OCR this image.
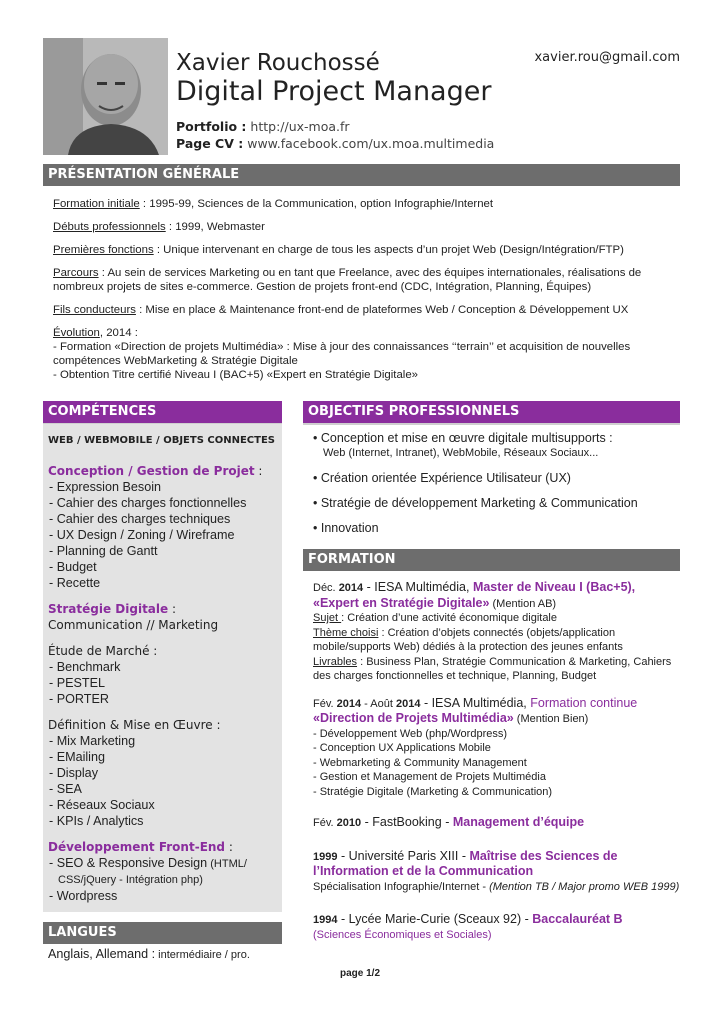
Xavier Rouchossé
Digital Project Manager
xavier.rou@gmail.com
Portfolio : http://ux-moa.fr
Page CV : www.facebook.com/ux.moa.multimedia
PRÉSENTATION GÉNÉRALE

Formation initiale : 1995-99, Sciences de la Communication, option Infographie/Internet

Débuts professionnels : 1999, Webmaster

Premières fonctions : Unique intervenant en charge de tous les aspects d’un projet Web (Design/Intégration/FTP)

Parcours : Au sein de services Marketing ou en tant que Freelance, avec des équipes internationales, réalisations de nombreux projets de sites e-commerce. Gestion de projets front-end (CDC, Intégration, Planning, Équipes)

Fils conducteurs : Mise en place & Maintenance front-end de plateformes Web / Conception & Développement UX

Évolution, 2014 :
- Formation «Direction de projets Multimédia» : Mise à jour des connaissances ‘‘terrain’’ et acquisition de nouvelles compétences WebMarketing & Stratégie Digitale
- Obtention Titre certifié Niveau I (BAC+5) «Expert en Stratégie Digitale»

COMPÉTENCES
WEB / WEBMOBILE / OBJETS CONNECTES
Conception / Gestion de Projet :
- Expression Besoin
- Cahier des charges fonctionnelles
- Cahier des charges techniques
- UX Design / Zoning / Wireframe
- Planning de Gantt
- Budget
- Recette
Stratégie Digitale :
Communication // Marketing
Étude de Marché :
- Benchmark
- PESTEL
- PORTER
Définition & Mise en Œuvre :
- Mix Marketing
- EMailing
- Display
- SEA
- Réseaux Sociaux
- KPIs / Analytics
Développement Front-End :
- SEO & Responsive Design (HTML/
CSS/jQuery - Intégration php)
- Wordpress
LANGUES
Anglais, Allemand : intermédiaire / pro.
OBJECTIFS PROFESSIONNELS
• Conception et mise en œuvre digitale multisupports :
Web (Internet, Intranet), WebMobile, Réseaux Sociaux...
• Création orientée Expérience Utilisateur (UX)
• Stratégie de développement Marketing & Communication
• Innovation
FORMATION
Déc. 2014 - IESA Multimédia, Master de Niveau I (Bac+5),
«Expert en Stratégie Digitale» (Mention AB)
Sujet : Création d’une activité économique digitale
Thème choisi : Création d’objets connectés (objets/application mobile/supports Web) dédiés à la protection des jeunes enfants
Livrables : Business Plan, Stratégie Communication & Marketing, Cahiers des charges fonctionnelles et technique, Planning, Budget
Fév. 2014 - Août 2014 - IESA Multimédia, Formation continue
«Direction de Projets Multimédia» (Mention Bien)
- Développement Web (php/Wordpress)
- Conception UX Applications Mobile
- Webmarketing & Community Management
- Gestion et Management de Projets Multimédia
- Stratégie Digitale (Marketing & Communication)
Fév. 2010 - FastBooking - Management d’équipe
1999 - Université Paris XIII - Maîtrise des Sciences de l’Information et de la Communication
Spécialisation Infographie/Internet - (Mention TB / Major promo WEB 1999)
1994 - Lycée Marie-Curie (Sceaux 92) - Baccalauréat B
(Sciences Économiques et Sociales)
page 1/2
